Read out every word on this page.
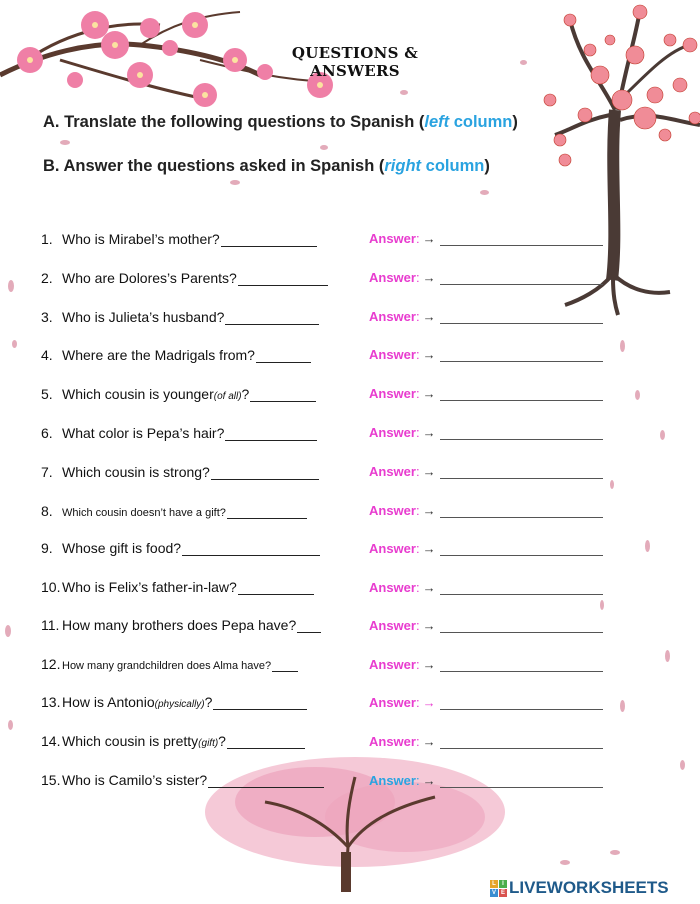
QUESTIONS & ANSWERS
A. Translate the following questions to Spanish (left column)
B. Answer the questions asked in Spanish (right column)
1. Who is Mirabel’s mother?
2. Who are Dolores’s Parents?
3. Who is Julieta’s husband?
4. Where are the Madrigals from?
5. Which cousin is younger (of all) ?
6. What color is Pepa’s hair?
7. Which cousin is strong?
8. Which cousin doesn’t have a gift?
9. Whose gift is food?
10. Who is Felix’s father-in-law?
11. How many brothers does Pepa have?
12. How many grandchildren does Alma have?
13. How is Antonio (physically) ?
14. Which cousin is pretty (gift) ?
15. Who is Camilo’s sister?
Answer : →
Answer : →
Answer : →
Answer : →
Answer : →
Answer : →
Answer : →
Answer : →
Answer : →
Answer : →
Answer : →
Answer : →
Answer : →
Answer : →
Answer : →
L	I
V E LIVEWORKSHEETS
